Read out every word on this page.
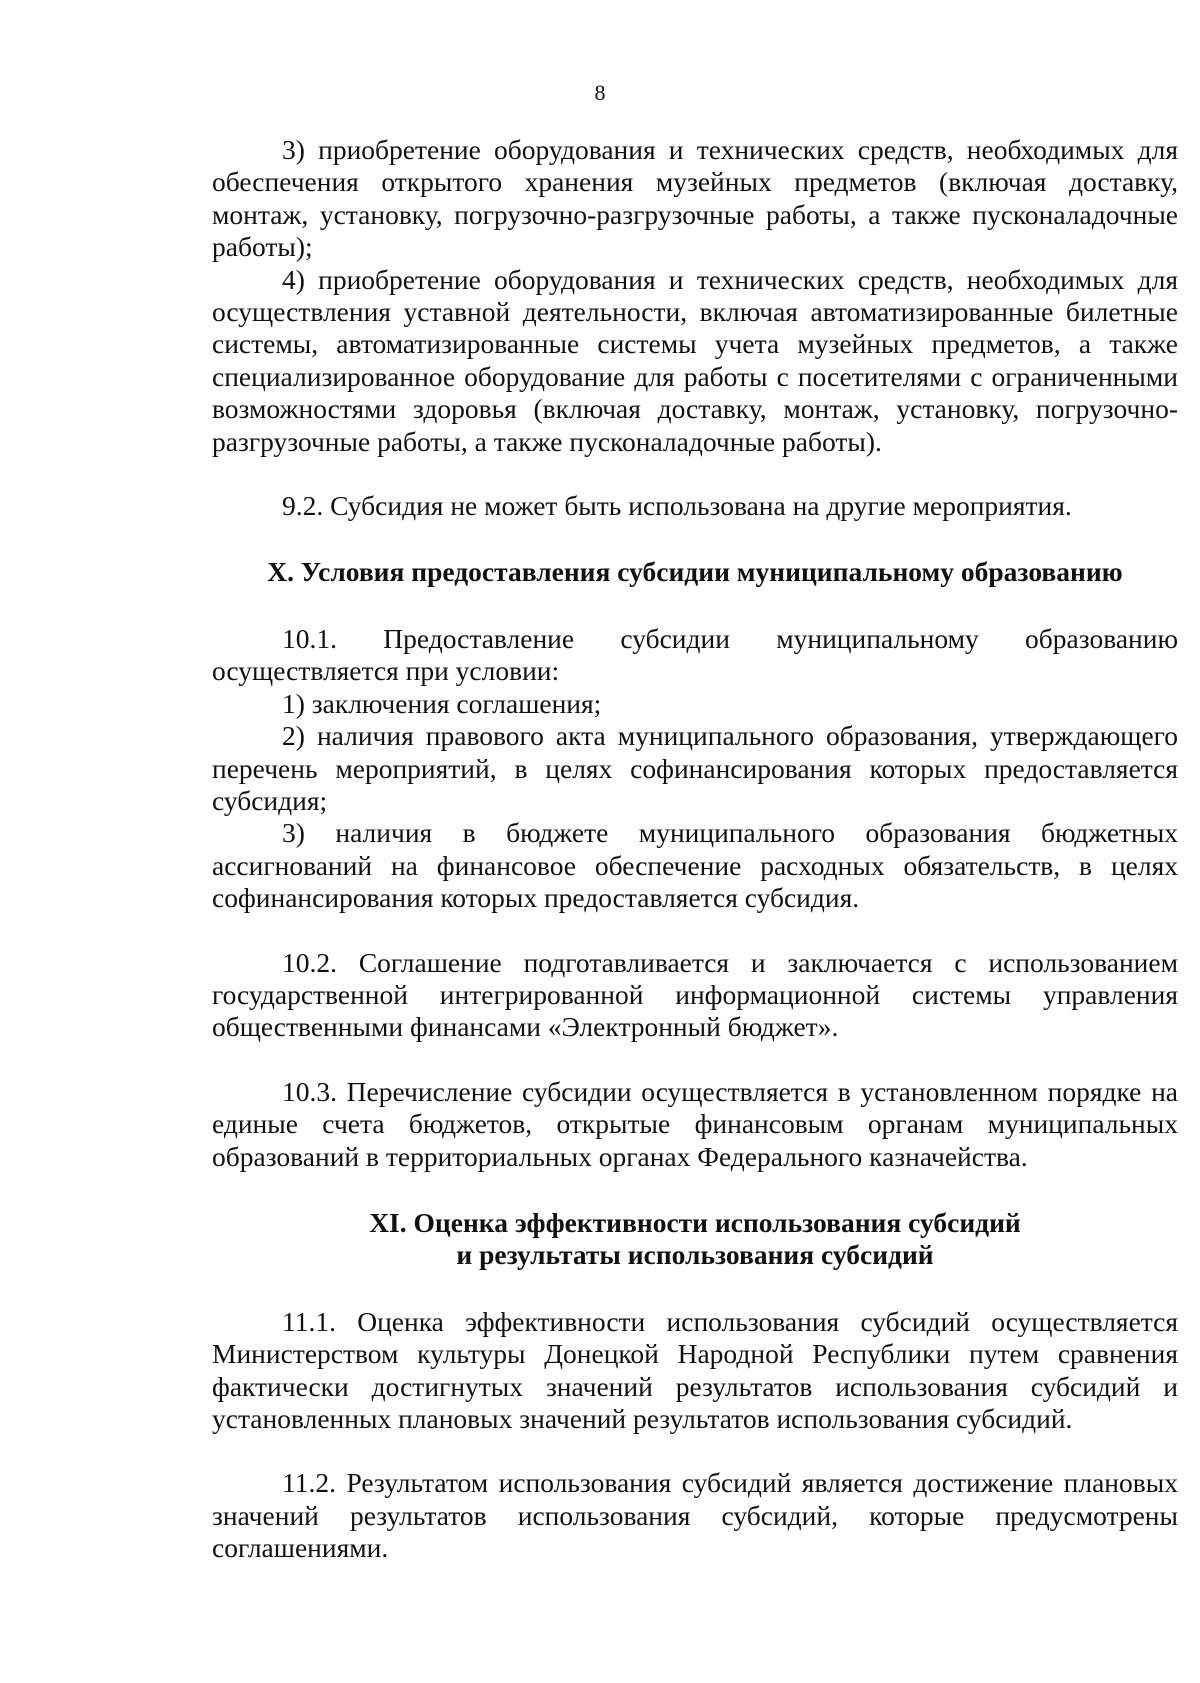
8

3) приобретение оборудования и технических средств, необходимых для обеспечения открытого хранения музейных предметов (включая доставку, монтаж, установку, погрузочно-разгрузочные работы, а также пусконаладочные работы);

4) приобретение оборудования и технических средств, необходимых для осуществления уставной деятельности, включая автоматизированные билетные системы, автоматизированные системы учета музейных предметов, а также специализированное оборудование для работы с посетителями с ограниченными возможностями здоровья (включая доставку, монтаж, установку, погрузочно-разгрузочные работы, а также пусконаладочные работы).

9.2. Субсидия не может быть использована на другие мероприятия.

X. Условия предоставления субсидии муниципальному образованию

10.1. Предоставление субсидии муниципальному образованию осуществляется при условии:

1) заключения соглашения;

2) наличия правового акта муниципального образования, утверждающего перечень мероприятий, в целях софинансирования которых предоставляется субсидия;

3) наличия в бюджете муниципального образования бюджетных ассигнований на финансовое обеспечение расходных обязательств, в целях софинансирования которых предоставляется субсидия.

10.2. Соглашение подготавливается и заключается с использованием государственной интегрированной информационной системы управления общественными финансами «Электронный бюджет».

10.3. Перечисление субсидии осуществляется в установленном порядке на единые счета бюджетов, открытые финансовым органам муниципальных образований в территориальных органах Федерального казначейства.

XI. Оценка эффективности использования субсидий
и результаты использования субсидий

11.1. Оценка эффективности использования субсидий осуществляется Министерством культуры Донецкой Народной Республики путем сравнения фактически достигнутых значений результатов использования субсидий и установленных плановых значений результатов использования субсидий.

11.2. Результатом использования субсидий является достижение плановых значений результатов использования субсидий, которые предусмотрены соглашениями.
